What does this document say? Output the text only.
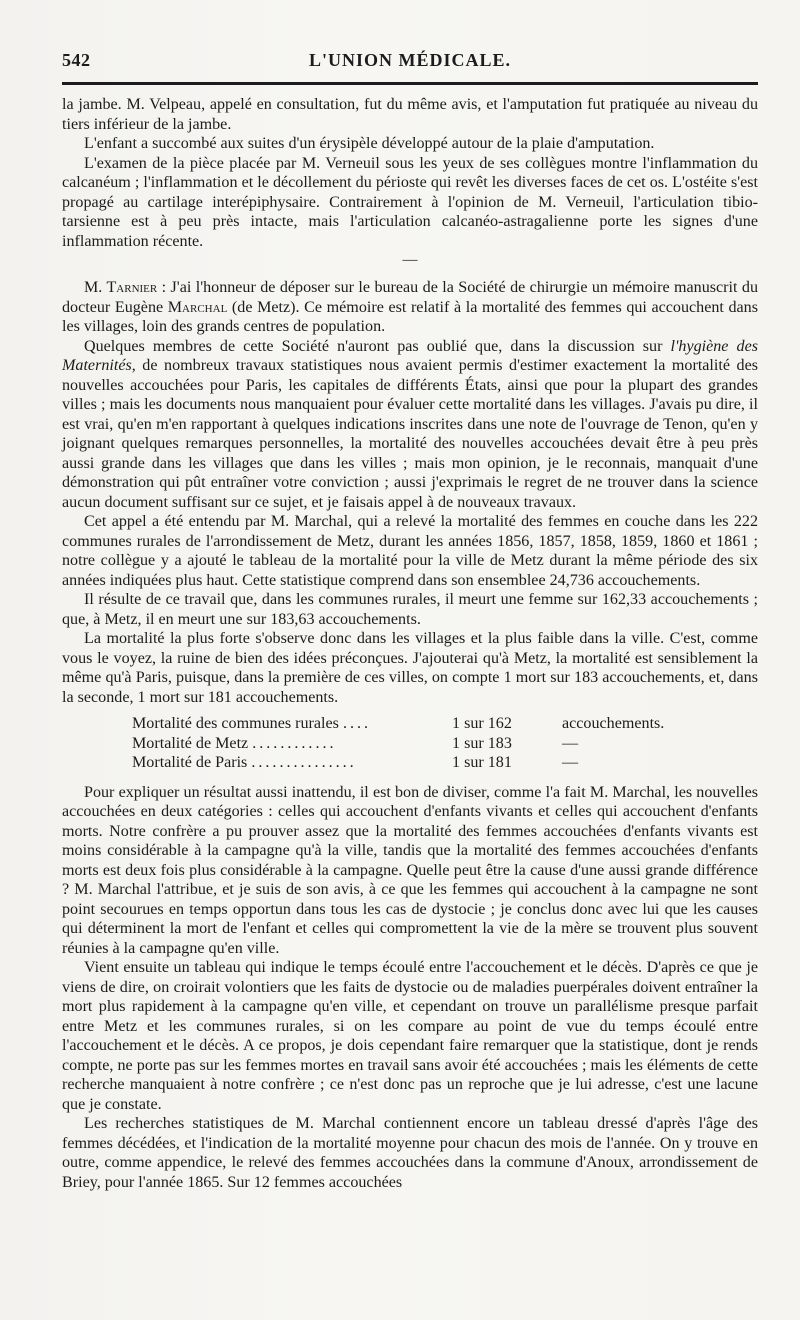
542	L'UNION MÉDICALE.

la jambe. M. Velpeau, appelé en consultation, fut du même avis, et l'amputation fut pratiquée au niveau du tiers inférieur de la jambe.

L'enfant a succombé aux suites d'un érysipèle développé autour de la plaie d'amputation.

L'examen de la pièce placée par M. Verneuil sous les yeux de ses collègues montre l'inflammation du calcanéum ; l'inflammation et le décollement du périoste qui revêt les diverses faces de cet os. L'ostéite s'est propagé au cartilage interépiphysaire. Contrairement à l'opinion de M. Verneuil, l'articulation tibio-tarsienne est à peu près intacte, mais l'articulation calcanéo-astragalienne porte les signes d'une inflammation récente.

—

M. Tarnier : J'ai l'honneur de déposer sur le bureau de la Société de chirurgie un mémoire manuscrit du docteur Eugène Marchal (de Metz). Ce mémoire est relatif à la mortalité des femmes qui accouchent dans les villages, loin des grands centres de population.

Quelques membres de cette Société n'auront pas oublié que, dans la discussion sur l'hygiène des Maternités, de nombreux travaux statistiques nous avaient permis d'estimer exactement la mortalité des nouvelles accouchées pour Paris, les capitales de différents États, ainsi que pour la plupart des grandes villes ; mais les documents nous manquaient pour évaluer cette mortalité dans les villages. J'avais pu dire, il est vrai, qu'en m'en rapportant à quelques indications inscrites dans une note de l'ouvrage de Tenon, qu'en y joignant quelques remarques personnelles, la mortalité des nouvelles accouchées devait être à peu près aussi grande dans les villages que dans les villes ; mais mon opinion, je le reconnais, manquait d'une démonstration qui pût entraîner votre conviction ; aussi j'exprimais le regret de ne trouver dans la science aucun document suffisant sur ce sujet, et je faisais appel à de nouveaux travaux.

Cet appel a été entendu par M. Marchal, qui a relevé la mortalité des femmes en couche dans les 222 communes rurales de l'arrondissement de Metz, durant les années 1856, 1857, 1858, 1859, 1860 et 1861 ; notre collègue y a ajouté le tableau de la mortalité pour la ville de Metz durant la même période des six années indiquées plus haut. Cette statistique comprend dans son ensemblee 24,736 accouchements.

Il résulte de ce travail que, dans les communes rurales, il meurt une femme sur 162,33 accouchements ; que, à Metz, il en meurt une sur 183,63 accouchements.

La mortalité la plus forte s'observe donc dans les villages et la plus faible dans la ville. C'est, comme vous le voyez, la ruine de bien des idées préconçues. J'ajouterai qu'à Metz, la mortalité est sensiblement la même qu'à Paris, puisque, dans la première de ces villes, on compte 1 mort sur 183 accouchements, et, dans la seconde, 1 mort sur 181 accouchements.

Mortalité des communes rurales ....	1 sur 162	accouchements.
Mortalité de Metz ............	1 sur 183	—
Mortalité de Paris ...............	1 sur 181	—

Pour expliquer un résultat aussi inattendu, il est bon de diviser, comme l'a fait M. Marchal, les nouvelles accouchées en deux catégories : celles qui accouchent d'enfants vivants et celles qui accouchent d'enfants morts. Notre confrère a pu prouver assez que la mortalité des femmes accouchées d'enfants vivants est moins considérable à la campagne qu'à la ville, tandis que la mortalité des femmes accouchées d'enfants morts est deux fois plus considérable à la campagne. Quelle peut être la cause d'une aussi grande différence ? M. Marchal l'attribue, et je suis de son avis, à ce que les femmes qui accouchent à la campagne ne sont point secourues en temps opportun dans tous les cas de dystocie ; je conclus donc avec lui que les causes qui déterminent la mort de l'enfant et celles qui compromettent la vie de la mère se trouvent plus souvent réunies à la campagne qu'en ville.

Vient ensuite un tableau qui indique le temps écoulé entre l'accouchement et le décès. D'après ce que je viens de dire, on croirait volontiers que les faits de dystocie ou de maladies puerpérales doivent entraîner la mort plus rapidement à la campagne qu'en ville, et cependant on trouve un parallélisme presque parfait entre Metz et les communes rurales, si on les compare au point de vue du temps écoulé entre l'accouchement et le décès. A ce propos, je dois cependant faire remarquer que la statistique, dont je rends compte, ne porte pas sur les femmes mortes en travail sans avoir été accouchées ; mais les éléments de cette recherche manquaient à notre confrère ; ce n'est donc pas un reproche que je lui adresse, c'est une lacune que je constate.

Les recherches statistiques de M. Marchal contiennent encore un tableau dressé d'après l'âge des femmes décédées, et l'indication de la mortalité moyenne pour chacun des mois de l'année. On y trouve en outre, comme appendice, le relevé des femmes accouchées dans la commune d'Anoux, arrondissement de Briey, pour l'année 1865. Sur 12 femmes accouchées
